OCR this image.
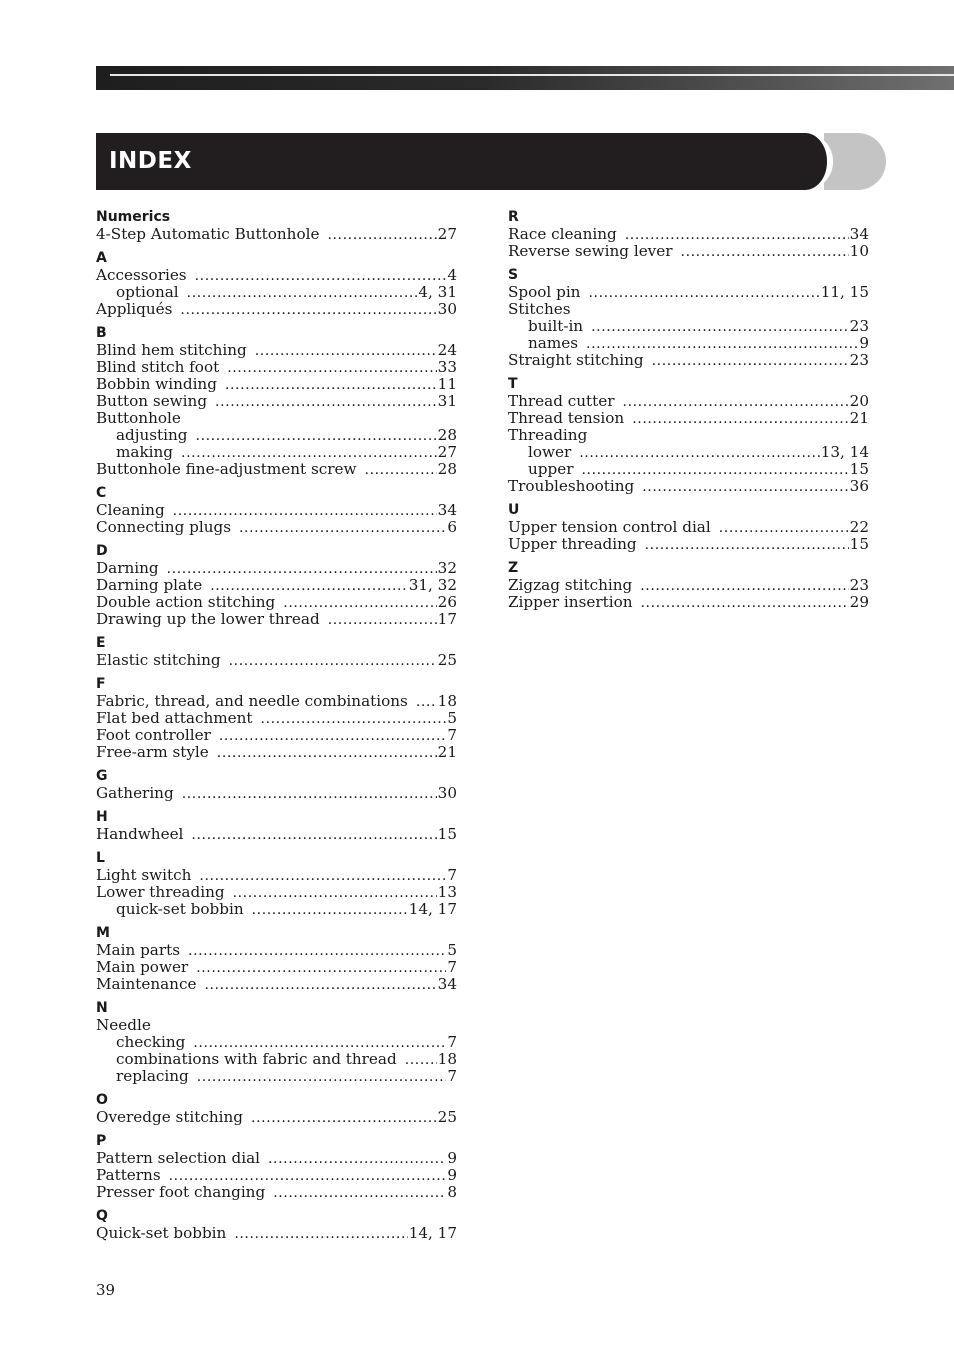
INDEX
Numerics
4-Step Automatic Buttonhole .....	27
A
Accessories .....	4
optional .....	4, 31
Appliqués .....	30
B
Blind hem stitching .....	24
Blind stitch foot .....	33
Bobbin winding .....	11
Button sewing .....	31
Buttonhole
adjusting .....	28
making .....	27
Buttonhole fine-adjustment screw .....	28
C
Cleaning .....	34
Connecting plugs .....	6
D
Darning .....	32
Darning plate .....	31, 32
Double action stitching .....	26
Drawing up the lower thread .....	17
E
Elastic stitching .....	25
F
Fabric, thread, and needle combinations ..... 18
Flat bed attachment .....	5
Foot controller .....	7
Free-arm style .....	21
G
Gathering .....	30
H
Handwheel .....	15
L
Light switch .....	7
Lower threading .....	13
quick-set bobbin .....	14, 17
M
Main parts .....	5
Main power .....	7
Maintenance .....	34
N
Needle
checking .....	7
combinations with fabric and thread .....	18
replacing .....	7
O
Overedge stitching .....	25
P
Pattern selection dial .....	9
Patterns .....	9
Presser foot changing .....	8
Q
Quick-set bobbin .....	14, 17
R
Race cleaning .....	34
Reverse sewing lever .....	10
S
Spool pin .....	11, 15
Stitches
built-in .....	23
names .....	9
Straight stitching .....	23
T
Thread cutter .....	20
Thread tension .....	21
Threading
lower .....	13, 14
upper .....	15
Troubleshooting .....	36
U
Upper tension control dial .....	22
Upper threading .....	15
Z
Zigzag stitching .....	23
Zipper insertion .....	29
39
